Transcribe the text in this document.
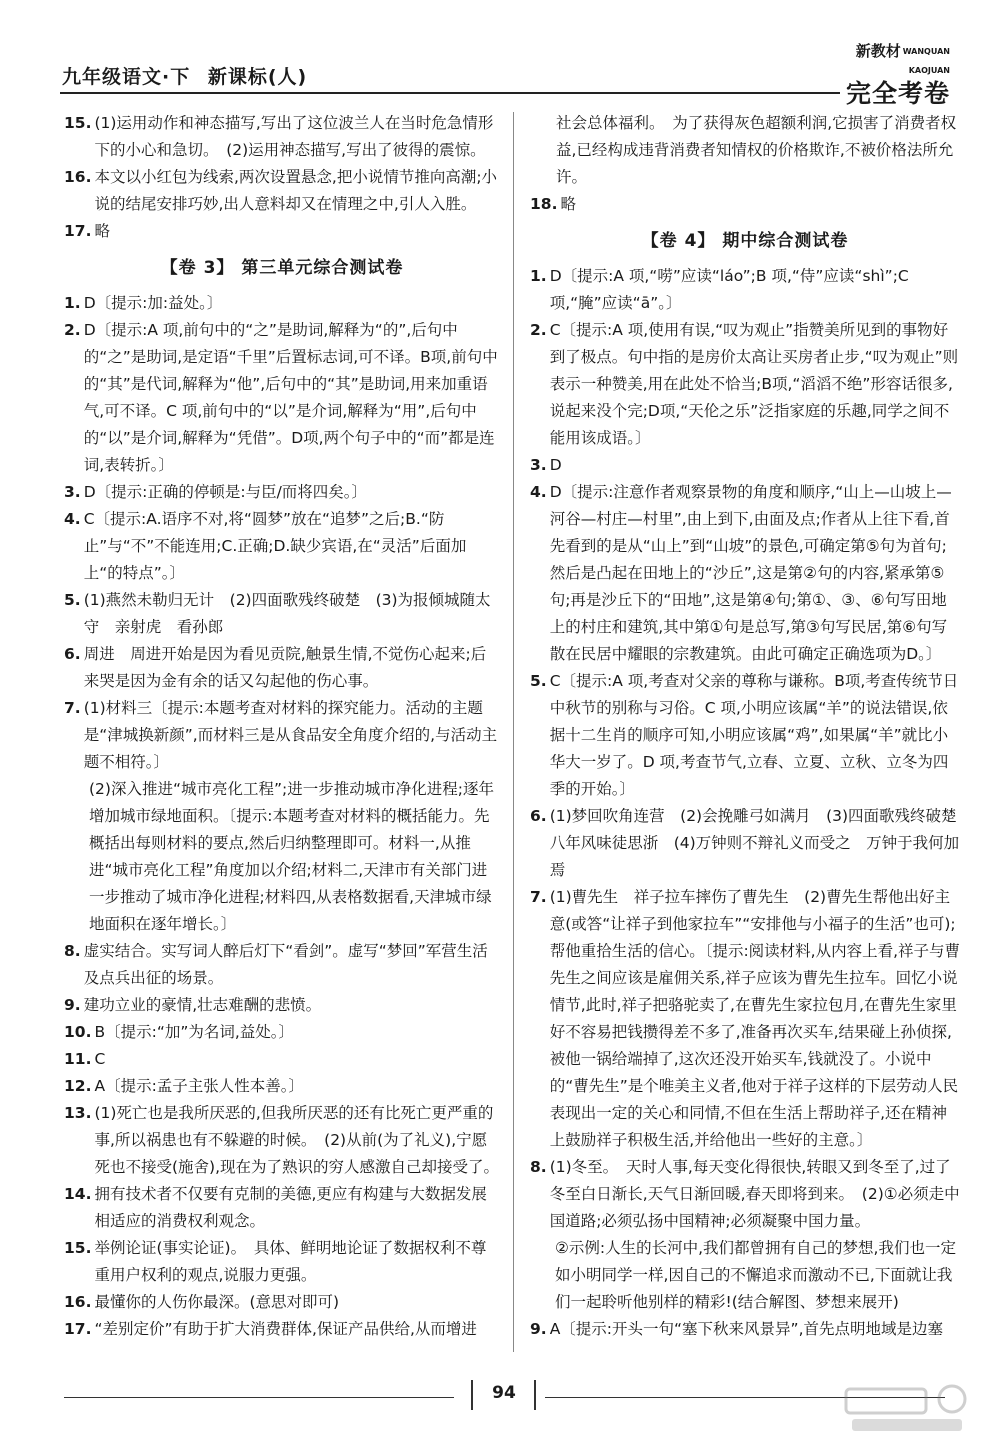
九年级语文·下 新课标(人)
新教材 WANQUAN KAOJUAN
完全考卷
15. (1)运用动作和神态描写,写出了这位波兰人在当时危急情形下的小心和急切。　(2)运用神态描写,写出了彼得的震惊。
16. 本文以小红包为线索,两次设置悬念,把小说情节推向高潮;小说的结尾安排巧妙,出人意料却又在情理之中,引人入胜。
17. 略
【卷 3】 第三单元综合测试卷
1. D〔提示:加:益处。〕
2. D〔提示:A 项,前句中的“之”是助词,解释为“的”,后句中的“之”是助词,是定语“千里”后置标志词,可不译。B项,前句中的“其”是代词,解释为“他”,后句中的“其”是助词,用来加重语气,可不译。C 项,前句中的“以”是介词,解释为“用”,后句中的“以”是介词,解释为“凭借”。D项,两个句子中的“而”都是连词,表转折。〕
3. D〔提示:正确的停顿是:与臣/而将四矣。〕
4. C〔提示:A.语序不对,将“圆梦”放在“追梦”之后;B.“防止”与“不”不能连用;C.正确;D.缺少宾语,在“灵活”后面加上“的特点”。〕
5. (1)燕然未勒归无计　(2)四面歌残终破楚　(3)为报倾城随太守　亲射虎　看孙郎
6. 周进　周进开始是因为看见贡院,触景生情,不觉伤心起来;后来哭是因为金有余的话又勾起他的伤心事。
7. (1)材料三〔提示:本题考查对材料的探究能力。活动的主题是“津城换新颜”,而材料三是从食品安全角度介绍的,与活动主题不相符。〕
(2)深入推进“城市亮化工程”;进一步推动城市净化进程;逐年增加城市绿地面积。〔提示:本题考查对材料的概括能力。先概括出每则材料的要点,然后归纳整理即可。材料一,从推进“城市亮化工程”角度加以介绍;材料二,天津市有关部门进一步推动了城市净化进程;材料四,从表格数据看,天津城市绿地面积在逐年增长。〕
8. 虚实结合。实写词人醉后灯下“看剑”。虚写“梦回”军营生活及点兵出征的场景。
9. 建功立业的豪情,壮志难酬的悲愤。
10. B〔提示:“加”为名词,益处。〕
11. C
12. A〔提示:孟子主张人性本善。〕
13. (1)死亡也是我所厌恶的,但我所厌恶的还有比死亡更严重的事,所以祸患也有不躲避的时候。　(2)从前(为了礼义),宁愿死也不接受(施舍),现在为了熟识的穷人感激自己却接受了。
14. 拥有技术者不仅要有克制的美德,更应有构建与大数据发展相适应的消费权利观念。
15. 举例论证(事实论证)。　具体、鲜明地论证了数据权利不尊重用户权利的观点,说服力更强。
16. 最懂你的人伤你最深。(意思对即可)
17. “差别定价”有助于扩大消费群体,保证产品供给,从而增进
社会总体福利。　为了获得灰色超额利润,它损害了消费者权益,已经构成违背消费者知情权的价格欺诈,不被价格法所允许。
18. 略
【卷 4】 期中综合测试卷
1. D〔提示:A 项,“唠”应读“láo”;B 项,“侍”应读“shì”;C 项,“腌”应读“ā”。〕
2. C〔提示:A 项,使用有误,“叹为观止”指赞美所见到的事物好到了极点。句中指的是房价太高让买房者止步,“叹为观止”则表示一种赞美,用在此处不恰当;B项,“滔滔不绝”形容话很多,说起来没个完;D项,“天伦之乐”泛指家庭的乐趣,同学之间不能用该成语。〕
3. D
4. D〔提示:注意作者观察景物的角度和顺序,“山上—山坡上—河谷—村庄—村里”,由上到下,由面及点;作者从上往下看,首先看到的是从“山上”到“山坡”的景色,可确定第⑤句为首句;然后是凸起在田地上的“沙丘”,这是第②句的内容,紧承第⑤句;再是沙丘下的“田地”,这是第④句;第①、③、⑥句写田地上的村庄和建筑,其中第①句是总写,第③句写民居,第⑥句写散在民居中耀眼的宗教建筑。由此可确定正确选项为D。〕
5. C〔提示:A 项,考查对父亲的尊称与谦称。B项,考查传统节日中秋节的别称与习俗。C 项,小明应该属“羊”的说法错误,依据十二生肖的顺序可知,小明应该属“鸡”,如果属“羊”就比小华大一岁了。D 项,考查节气,立春、立夏、立秋、立冬为四季的开始。〕
6. (1)梦回吹角连营　(2)会挽雕弓如满月　(3)四面歌残终破楚　八年风味徒思浙　(4)万钟则不辩礼义而受之　万钟于我何加焉
7. (1)曹先生　祥子拉车摔伤了曹先生　(2)曹先生帮他出好主意(或答“让祥子到他家拉车”“安排他与小福子的生活”也可);帮他重拾生活的信心。〔提示:阅读材料,从内容上看,祥子与曹先生之间应该是雇佣关系,祥子应该为曹先生拉车。回忆小说情节,此时,祥子把骆驼卖了,在曹先生家拉包月,在曹先生家里好不容易把钱攒得差不多了,准备再次买车,结果碰上孙侦探,被他一锅给端掉了,这次还没开始买车,钱就没了。小说中的“曹先生”是个唯美主义者,他对于祥子这样的下层劳动人民表现出一定的关心和同情,不但在生活上帮助祥子,还在精神上鼓励祥子积极生活,并给他出一些好的主意。〕
8. (1)冬至。　天时人事,每天变化得很快,转眼又到冬至了,过了冬至白日渐长,天气日渐回暖,春天即将到来。　(2)①必须走中国道路;必须弘扬中国精神;必须凝聚中国力量。
②示例:人生的长河中,我们都曾拥有自己的梦想,我们也一定如小明同学一样,因自己的不懈追求而激动不已,下面就让我们一起聆听他别样的精彩!(结合解图、梦想来展开)
9. A〔提示:开头一句“塞下秋来风景异”,首先点明地域是边塞
94
